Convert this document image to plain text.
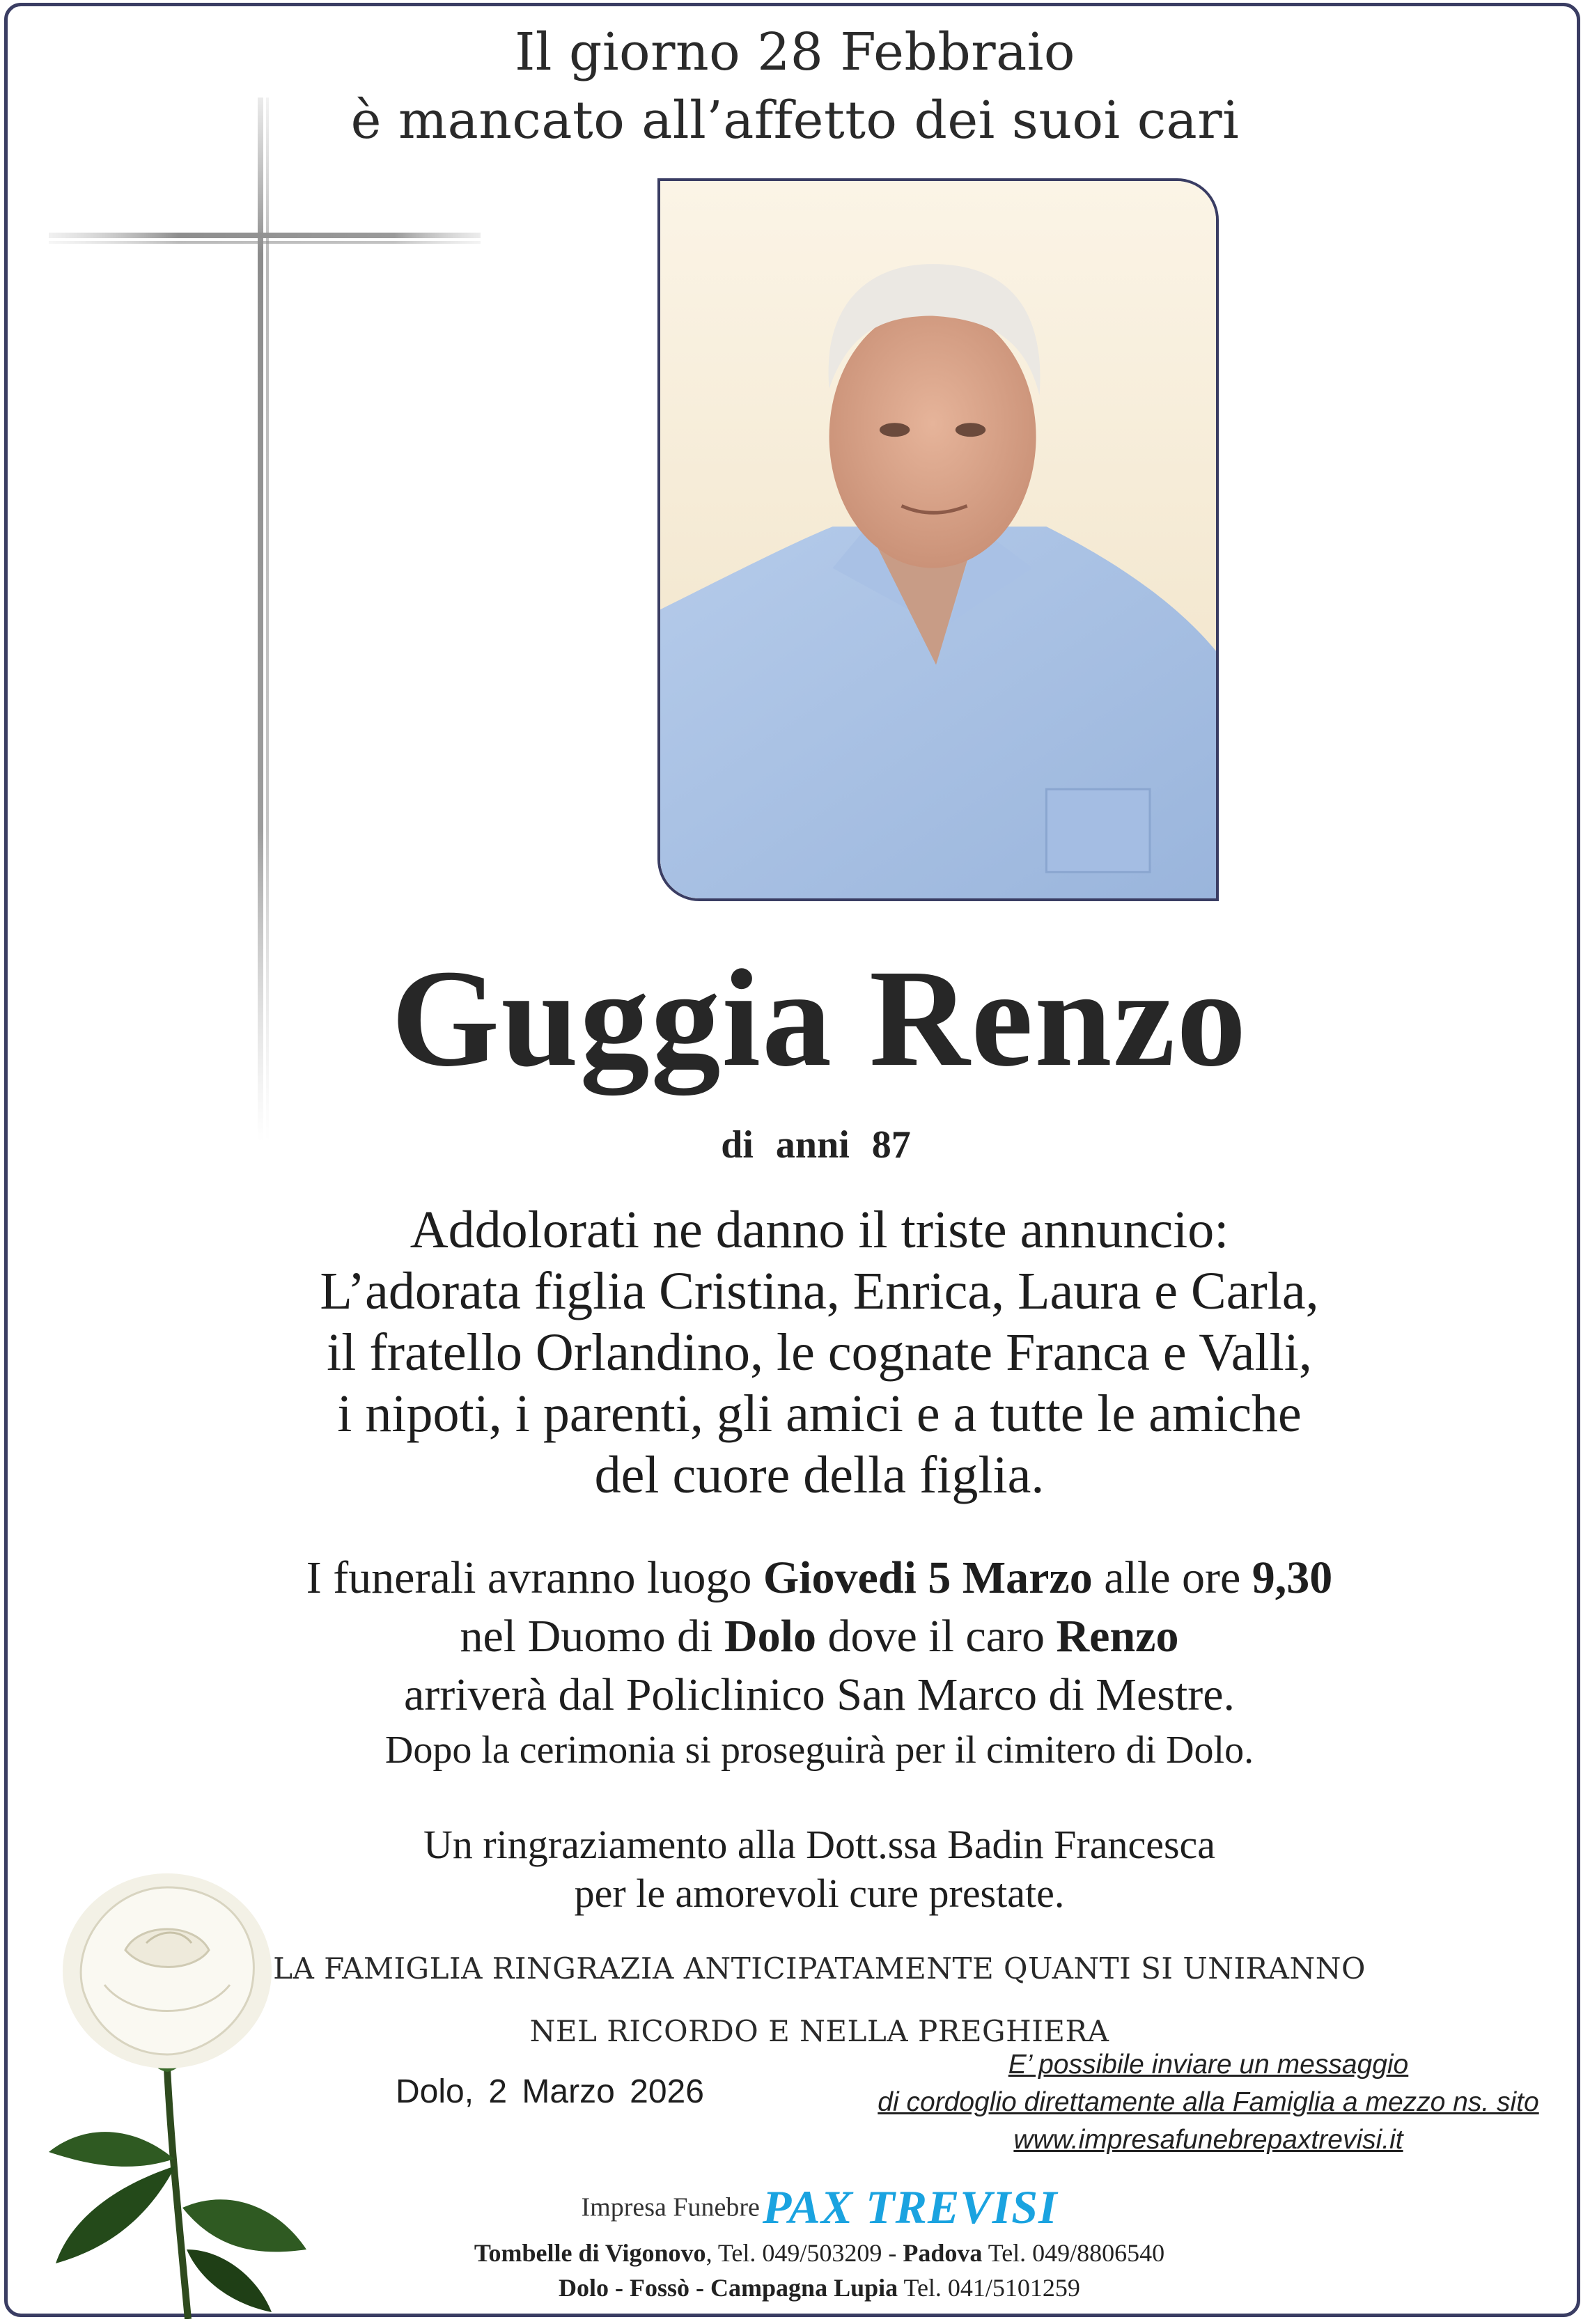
Il giorno 28 Febbraio
è mancato all’affetto dei suoi cari
Guggia Renzo
di anni 87
Addolorati ne danno il triste annuncio:
L’adorata figlia Cristina, Enrica, Laura e Carla,
il fratello Orlandino, le cognate Franca e Valli,
i nipoti, i parenti, gli amici e a tutte le amiche
del cuore della figlia.
I funerali avranno luogo Giovedi 5 Marzo alle ore 9,30
nel Duomo di Dolo dove il caro Renzo
arriverà dal Policlinico San Marco di Mestre.
Dopo la cerimonia si proseguirà per il cimitero di Dolo.
Un ringraziamento alla Dott.ssa Badin Francesca
per le amorevoli cure prestate.
LA FAMIGLIA RINGRAZIA ANTICIPATAMENTE QUANTI SI UNIRANNO
NEL RICORDO E NELLA PREGHIERA
Dolo, 2 Marzo 2026
E’ possibile inviare un messaggio
di cordoglio direttamente alla Famiglia a mezzo ns. sito
www.impresafunebrepaxtrevisi.it
Impresa Funebre PAX TREVISI
Tombelle di Vigonovo, Tel. 049/503209 - Padova Tel. 049/8806540
Dolo - Fossò - Campagna Lupia Tel. 041/5101259
